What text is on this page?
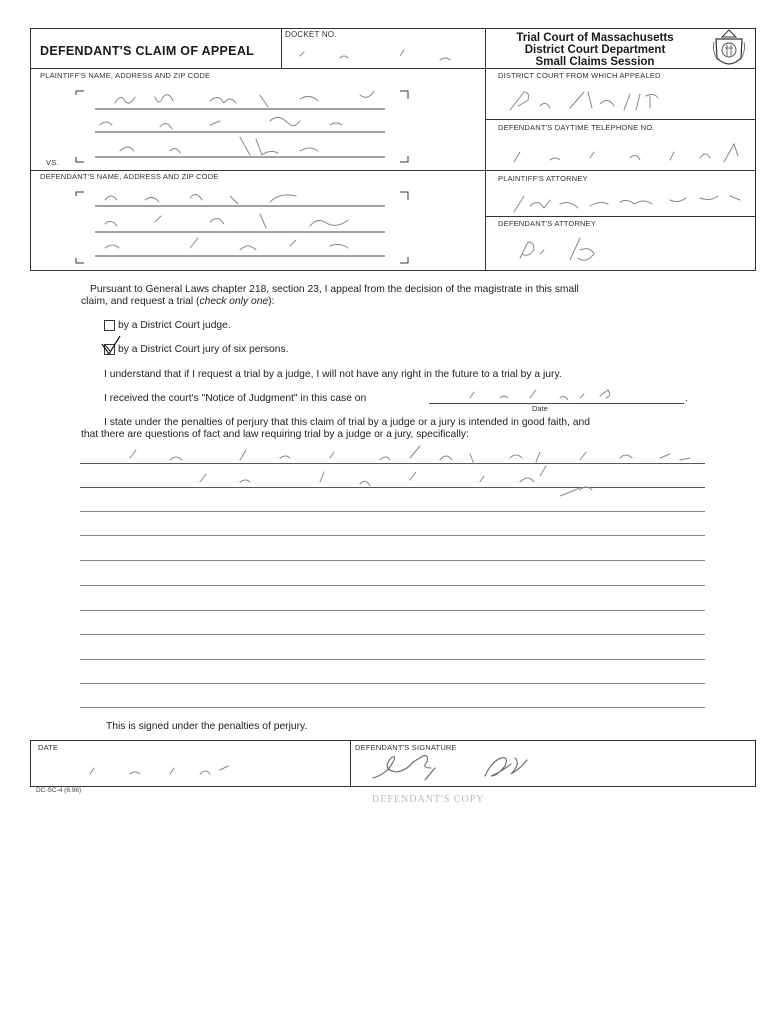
DEFENDANT'S CLAIM OF APPEAL
DOCKET NO.	Trial Court of Massachusetts
District Court Department
Small Claims Session
PLAINTIFF'S NAME, ADDRESS AND ZIP CODE	DISTRICT COURT FROM WHICH APPEALED
DEFENDANT'S DAYTIME TELEPHONE NO.
VS.
DEFENDANT'S NAME, ADDRESS AND ZIP CODE	PLAINTIFF'S ATTORNEY
DEFENDANT'S ATTORNEY
Pursuant to General Laws chapter 218, section 23, I appeal from the decision of the magistrate in this small
claim, and request a trial (check only one):
by a District Court judge.
by a District Court jury of six persons.
I understand that if I request a trial by a judge, I will not have any right in the future to a trial by a jury.
I received the court's "Notice of Judgment" in this case on	.
Date
I state under the penalties of perjury that this claim of trial by a judge or a jury is intended in good faith, and
that there are questions of fact and law requiring trial by a judge or a jury, specifically:
This is signed under the penalties of perjury.
DATE	DEFENDANT'S SIGNATURE
DC-SC-4 (6.96)
DEFENDANT'S COPY
